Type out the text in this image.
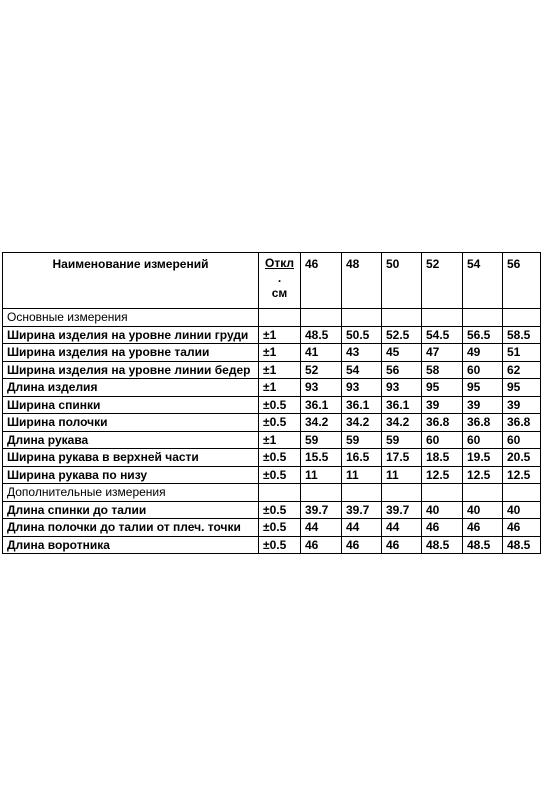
Наименование измерений	Откл
.
см	46	48	50	52	54	56
Основные измерения							
Ширина изделия на уровне линии груди	±1	48.5	50.5	52.5	54.5	56.5	58.5
Ширина изделия на уровне талии	±1	41	43	45	47	49	51
Ширина изделия на уровне линии бедер	±1	52	54	56	58	60	62
Длина изделия	±1	93	93	93	95	95	95
Ширина спинки	±0.5	36.1	36.1	36.1	39	39	39
Ширина полочки	±0.5	34.2	34.2	34.2	36.8	36.8	36.8
Длина рукава	±1	59	59	59	60	60	60
Ширина рукава в верхней части	±0.5	15.5	16.5	17.5	18.5	19.5	20.5
Ширина рукава по низу	±0.5	11	11	11	12.5	12.5	12.5
Дополнительные измерения							
Длина спинки до талии	±0.5	39.7	39.7	39.7	40	40	40
Длина полочки до талии от плеч. точки	±0.5	44	44	44	46	46	46
Длина воротника	±0.5	46	46	46	48.5	48.5	48.5
